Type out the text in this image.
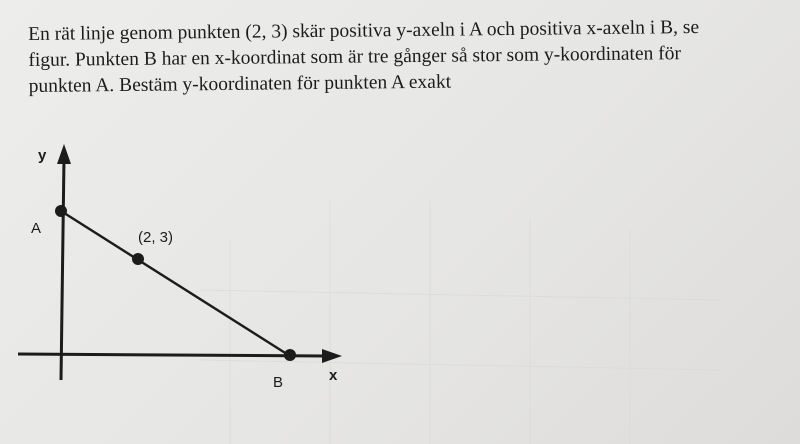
En rät linje genom punkten (2, 3) skär positiva y-axeln i A och positiva x-axeln i B, se

figur. Punkten B har en x-koordinat som är tre gånger så stor som y-koordinaten för

punkten A. Bestäm y-koordinaten för punkten A exakt

y
x
A
B
(2, 3)
